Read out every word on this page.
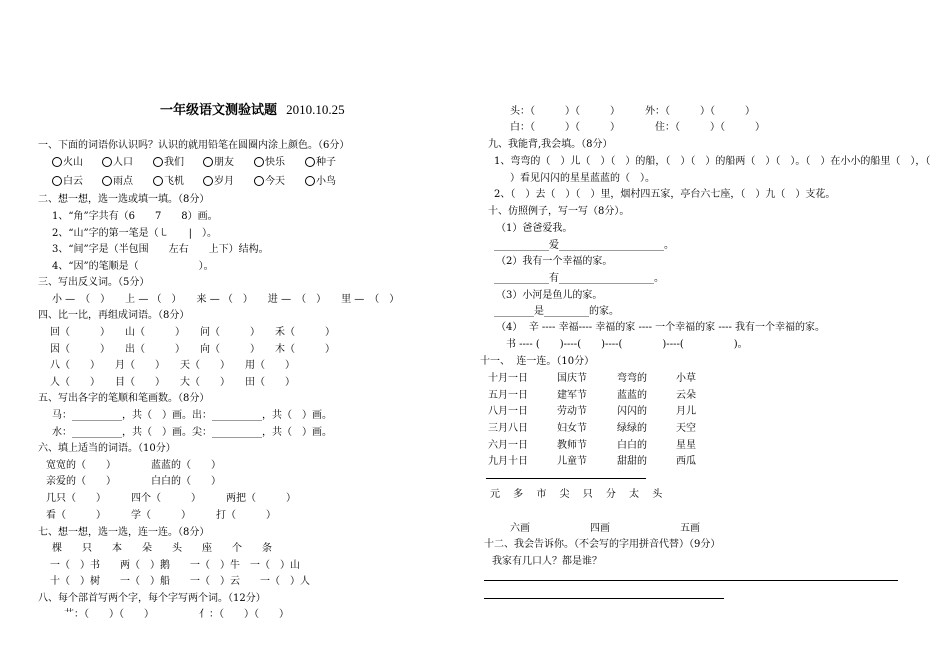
一年级语文测验试题 2010.10.25
一、下面的词语你认识吗？认识的就用铅笔在圆圈内涂上颜色。（6分）
火山	人口	我们	朋友	快乐	种子
白云	雨点	飞机	岁月	今天	小鸟
二、想一想，选一选或填一填。（8分）
1、“角”字共有（6　　7　　8）画。
2、“山”字的第一笔是（㇄　　|　）。
3、“间”字是（半包围　　左右　　上下）结构。
4、“因”的笔顺是（　　　　　　）。
三、写出反义词。（5分）
小 —　（　）　　上 — （　）　　来 — （　）　　进 —　（　）　　里 —　（　）
四、比一比，再组成词语。（8分）
回（　　　）　　山（　　　）　　问（　　　）　　禾（　　　）
因（　　　）　　出（　　　）　　向（　　　）　　木（　　　）
八（　　）　　月（　　）　　天（　　）　　用（　　）
人（　　）　　目（　　）　　大（　　）　　田（　　）
五、写出各字的笔顺和笔画数。（8分）
马：__________，共（　）画。出：__________，共（　）画。
水：__________，共（　）画。尖：__________，共（　）画。
六、填上适当的词语。（10分）
宽宽的（　　）　　　　蓝蓝的（　　）
亲爱的（　　）　　　　白白的（　　）
几只（　　）　　　四个（　　　）　　　两把（　　　）
看（　　　）　　　学（　　　）　　　打（　　　）
七、想一想，选一选，连一连。（8分）
棵　　只　　本　　朵　　头　　座　　个　　条
一（　）书　　两（　）鹅　　一（　）牛　一（　）山
十（　）树　　一（　）船　　一（　）云　　一（　）人
八、每个部首写两个字，每个字写两个词。（12分）
艹：（　　）（　　）　　　　　亻：（　　）（　　）
头：（　　　）（　　　）　　　外：（　　　）（　　　）
白：（　　　）（　　　）　　　　住：（　　　）（　　　）
九、我能背,我会填。（8分）
1、弯弯的（　）儿（　）（　）的船，（　）（　）的船两（　）（　）。（　）在小小的船里（　），（
）看见闪闪的星星蓝蓝的（　）。
2、（　）去（　）（　）里，烟村四五家，亭台六七座，（　）九（　）支花。
十、仿照例子，写一写（8分）。
（1）爸爸爱我。
___________爱_____________________。
（2）我有一个幸福的家。
___________有___________________。
（3）小河是鱼儿的家。
________是_________的家。
（4）  辛 ---- 幸福---- 幸福的家 ---- 一个幸福的家 ---- 我有一个幸福的家。
书 ---- (　　)----(　　)----(　　　　)----(　　　　　)。
十一、  连一连。（10分）
十月一日	国庆节	弯弯的	小草
五月一日	建军节	蓝蓝的	云朵
八月一日	劳动节	闪闪的	月儿
三月八日	妇女节	绿绿的	天空
六月一日	教师节	白白的	星星
九月十日	儿童节	甜甜的	西瓜
元　 多　 市　 尖　 只　 分　 太　 头
六画　　　　　　四画　　　　　　　五画
十二、我会告诉你。（不会写的字用拼音代替）（9分）
我家有几口人？都是谁？
